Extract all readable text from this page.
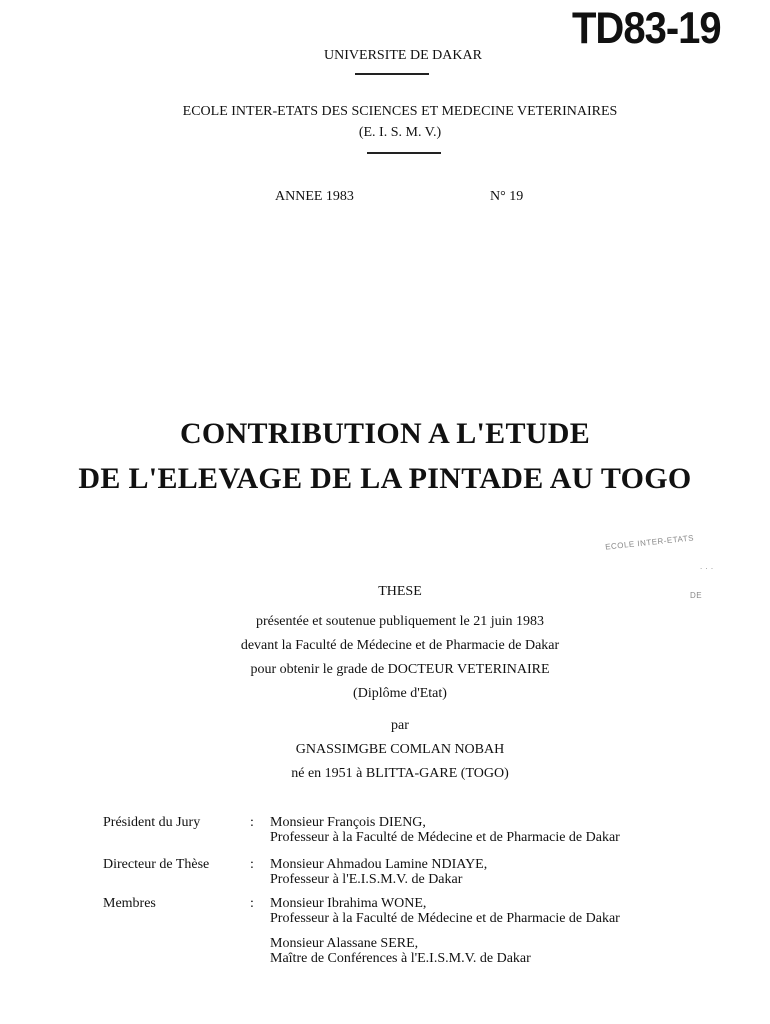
TD83-19
UNIVERSITE DE DAKAR
ECOLE INTER-ETATS DES SCIENCES ET MEDECINE VETERINAIRES
(E. I. S. M. V.)
ANNEE 1983	N° 19
CONTRIBUTION A L'ETUDE
DE L'ELEVAGE DE LA PINTADE AU TOGO
ECOLE INTER-ETATS
. . .
DE
THESE
présentée et soutenue publiquement le 21 juin 1983
devant la Faculté de Médecine et de Pharmacie de Dakar
pour obtenir le grade de DOCTEUR VETERINAIRE
(Diplôme d'Etat)
par
GNASSIMGBE COMLAN NOBAH
né en 1951 à BLITTA-GARE (TOGO)
Président du Jury	: Monsieur François DIENG,
Professeur à la Faculté de Médecine et de Pharmacie de Dakar
Directeur de Thèse	: Monsieur Ahmadou Lamine NDIAYE,
Professeur à l'E.I.S.M.V. de Dakar
Membres	: Monsieur Ibrahima WONE,
Professeur à la Faculté de Médecine et de Pharmacie de Dakar
Monsieur Alassane SERE,
Maître de Conférences à l'E.I.S.M.V. de Dakar
